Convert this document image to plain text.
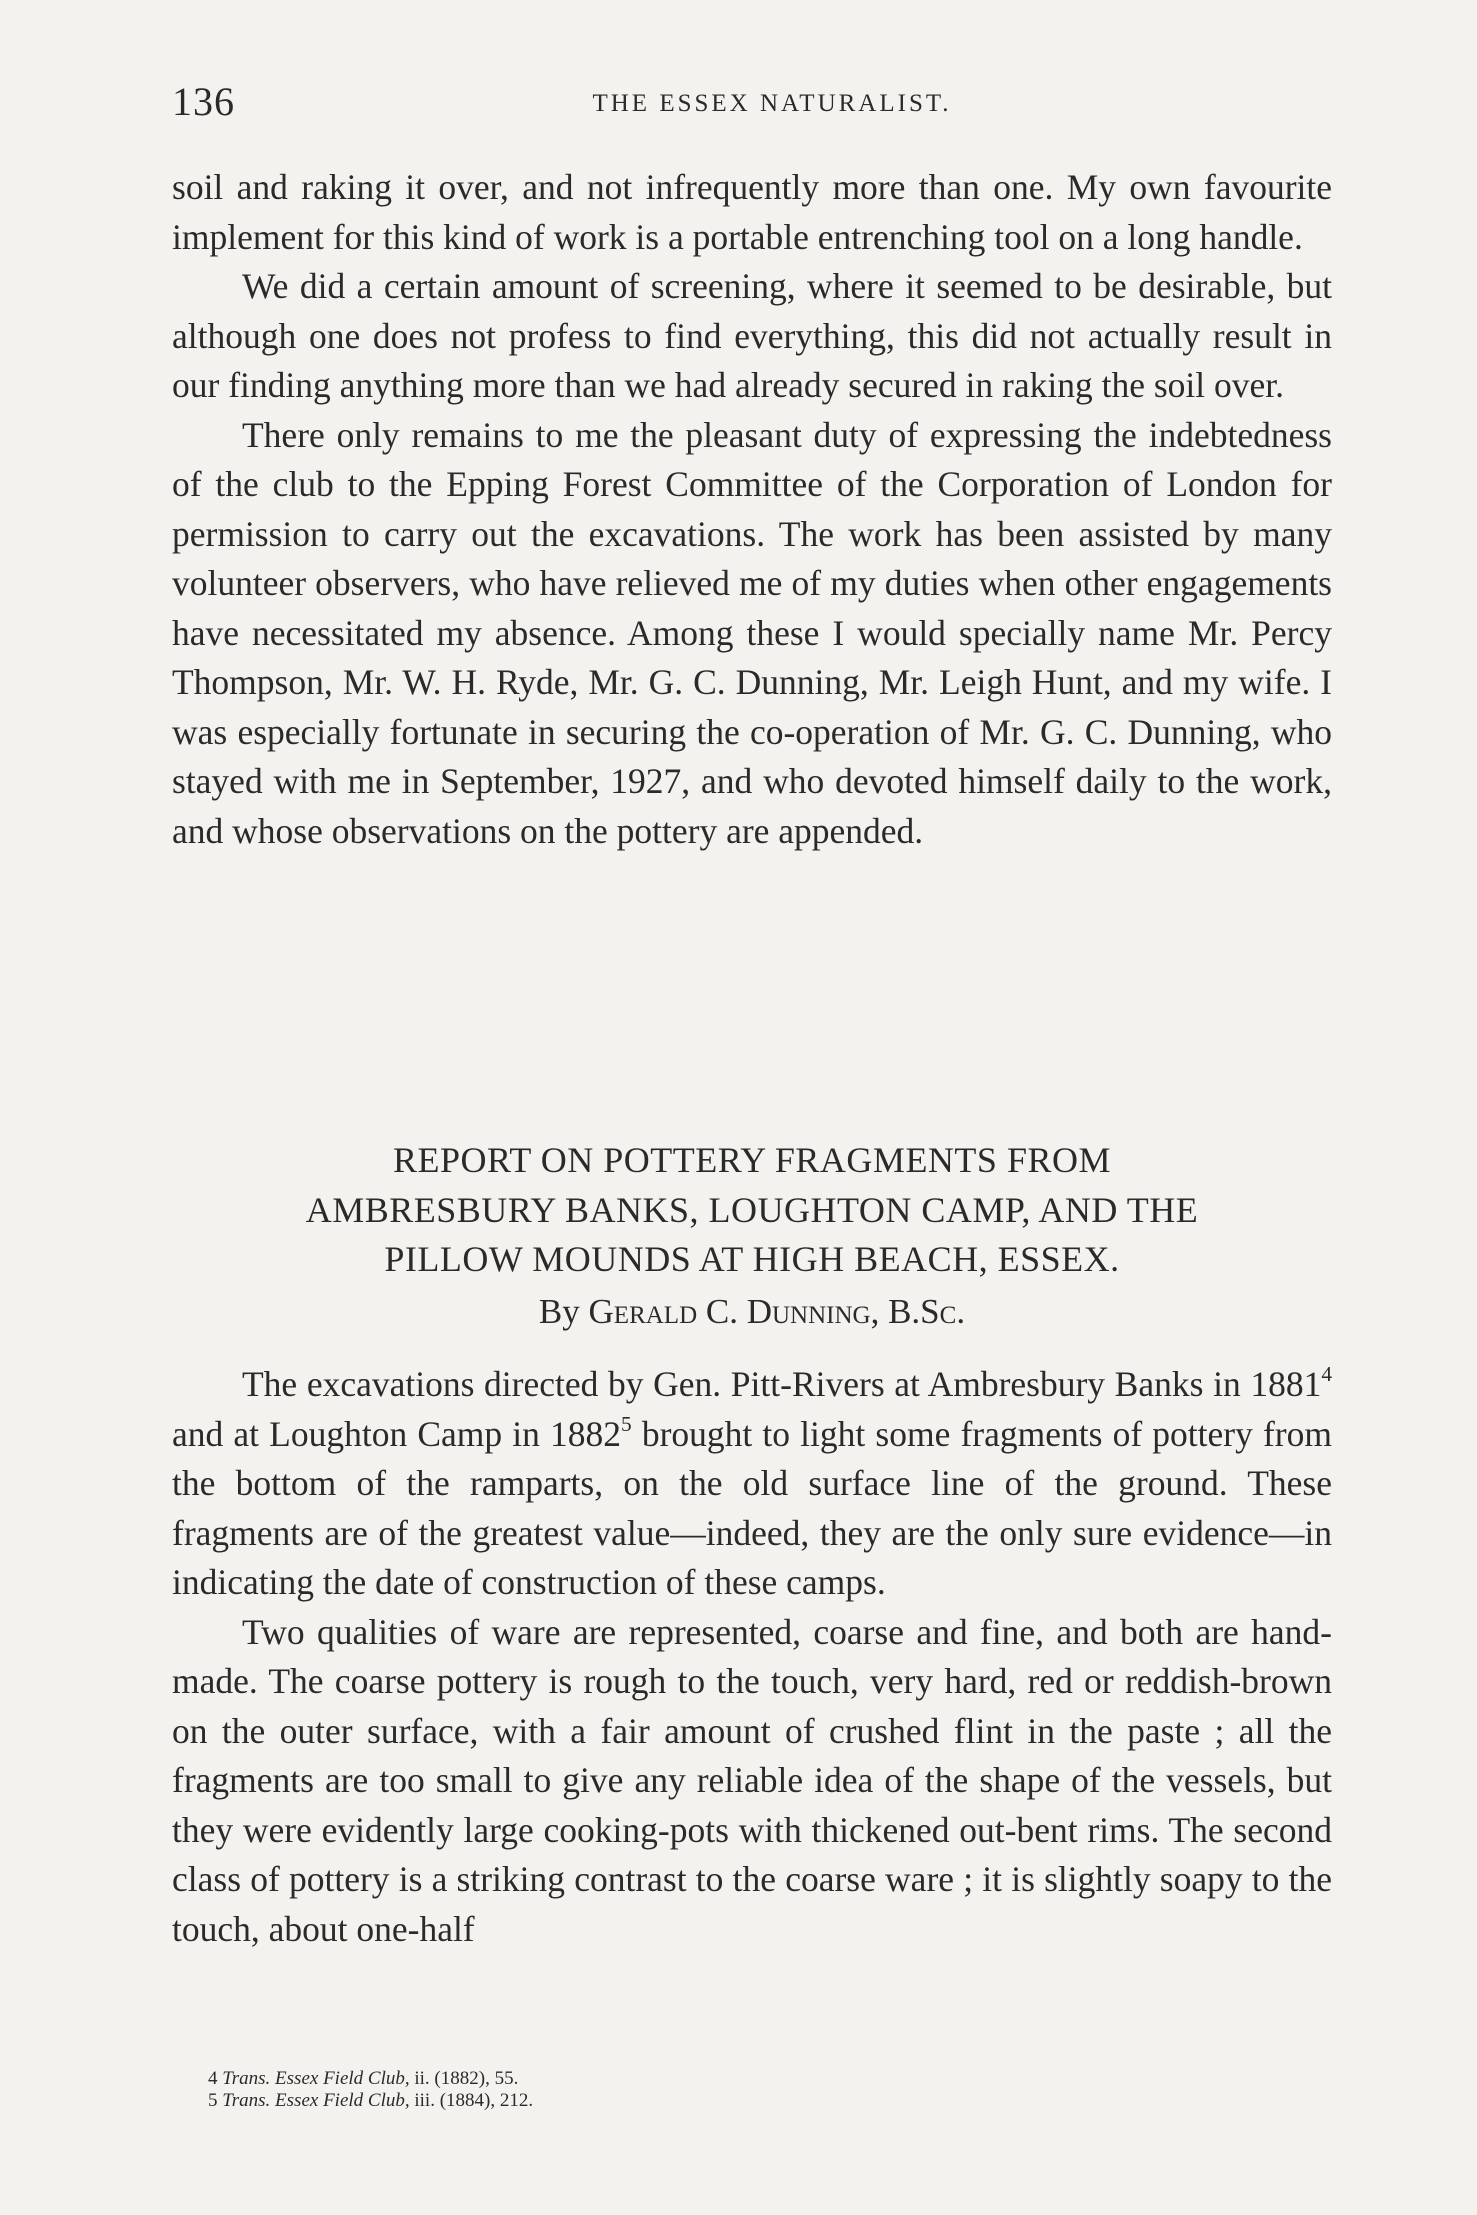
136	THE ESSEX NATURALIST.

soil and raking it over, and not infrequently more than one. My own favourite implement for this kind of work is a portable entrenching tool on a long handle.

We did a certain amount of screening, where it seemed to be desirable, but although one does not profess to find everything, this did not actually result in our finding anything more than we had already secured in raking the soil over.

There only remains to me the pleasant duty of expressing the indebtedness of the club to the Epping Forest Committee of the Corporation of London for permission to carry out the excavations. The work has been assisted by many volunteer observers, who have relieved me of my duties when other engagements have necessitated my absence. Among these I would specially name Mr. Percy Thompson, Mr. W. H. Ryde, Mr. G. C. Dunning, Mr. Leigh Hunt, and my wife. I was especially fortunate in securing the co-operation of Mr. G. C. Dunning, who stayed with me in September, 1927, and who devoted himself daily to the work, and whose observations on the pottery are appended.

REPORT ON POTTERY FRAGMENTS FROM
AMBRESBURY BANKS, LOUGHTON CAMP, AND THE
PILLOW MOUNDS AT HIGH BEACH, ESSEX.
By Gerald C. Dunning, B.Sc.

The excavations directed by Gen. Pitt-Rivers at Ambresbury Banks in 1881$^4$ and at Loughton Camp in 1882$^5$ brought to light some fragments of pottery from the bottom of the ramparts, on the old surface line of the ground. These fragments are of the greatest value—indeed, they are the only sure evidence—in indicating the date of construction of these camps.

Two qualities of ware are represented, coarse and fine, and both are hand-made. The coarse pottery is rough to the touch, very hard, red or reddish-brown on the outer surface, with a fair amount of crushed flint in the paste ; all the fragments are too small to give any reliable idea of the shape of the vessels, but they were evidently large cooking-pots with thickened out-bent rims. The second class of pottery is a striking contrast to the coarse ware ; it is slightly soapy to the touch, about one-half

4 Trans. Essex Field Club, ii. (1882), 55.

5 Trans. Essex Field Club, iii. (1884), 212.
